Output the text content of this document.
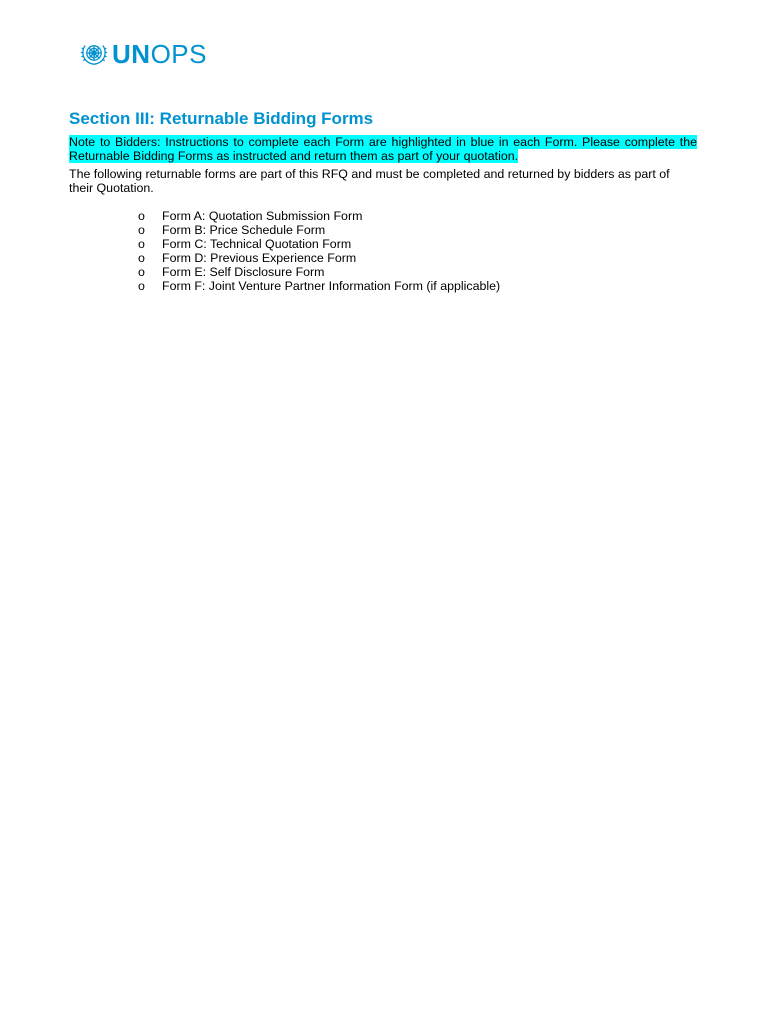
UNOPS
Section III: Returnable Bidding Forms

Note to Bidders: Instructions to complete each Form are highlighted in blue in each Form. Please complete the Returnable Bidding Forms as instructed and return them as part of your quotation.

The following returnable forms are part of this RFQ and must be completed and returned by bidders as part of their Quotation.

o	Form A: Quotation Submission Form
o	Form B: Price Schedule Form
o	Form C: Technical Quotation Form
o	Form D: Previous Experience Form
o	Form E: Self Disclosure Form
o	Form F: Joint Venture Partner Information Form (if applicable)
